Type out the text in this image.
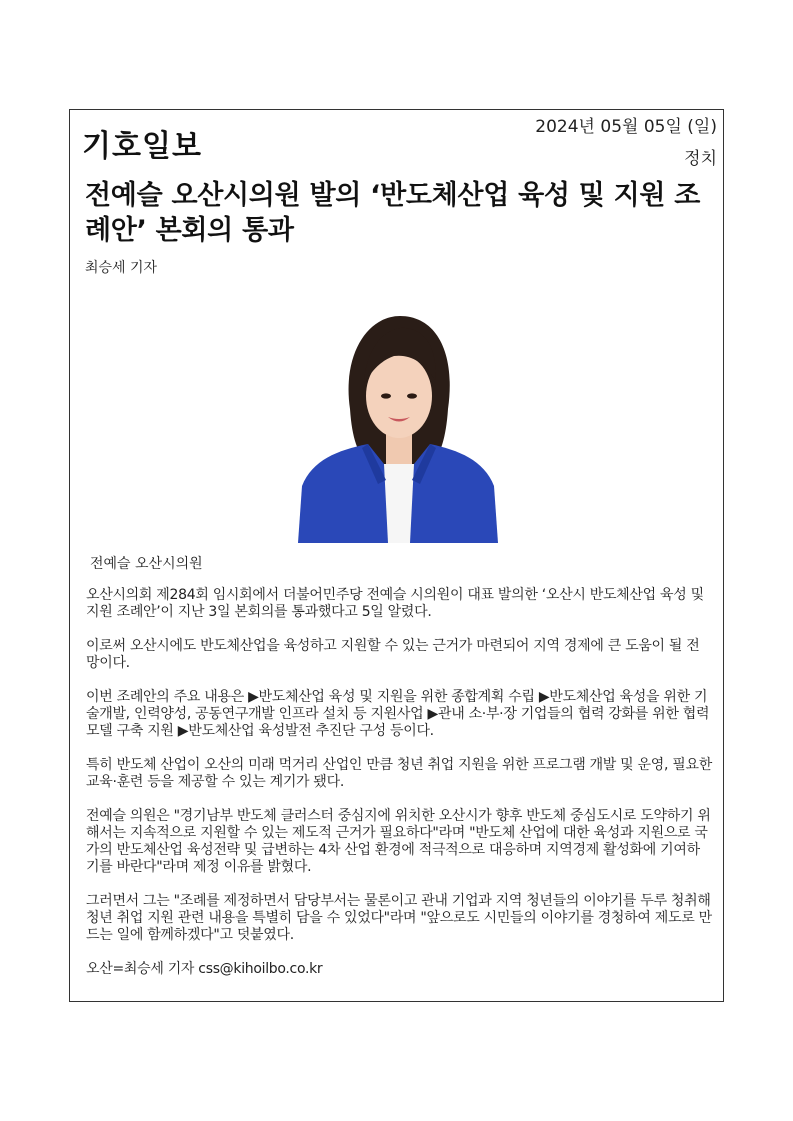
기호일보
2024년 05월 05일 (일)
정치
전예슬 오산시의원 발의 ‘반도체산업 육성 및 지원 조례안’ 본회의 통과
최승세 기자
전예슬 오산시의원

오산시의회 제284회 임시회에서 더불어민주당 전예슬 시의원이 대표 발의한 ‘오산시 반도체산업 육성 및 지원 조례안’이 지난 3일 본회의를 통과했다고 5일 알렸다.

이로써 오산시에도 반도체산업을 육성하고 지원할 수 있는 근거가 마련되어 지역 경제에 큰 도움이 될 전망이다.

이번 조례안의 주요 내용은 ▶반도체산업 육성 및 지원을 위한 종합계획 수립 ▶반도체산업 육성을 위한 기술개발, 인력양성, 공동연구개발 인프라 설치 등 지원사업 ▶관내 소·부·장 기업들의 협력 강화를 위한 협력모델 구축 지원 ▶반도체산업 육성발전 추진단 구성 등이다.

특히 반도체 산업이 오산의 미래 먹거리 산업인 만큼 청년 취업 지원을 위한 프로그램 개발 및 운영, 필요한 교육·훈련 등을 제공할 수 있는 계기가 됐다.

전예슬 의원은 "경기남부 반도체 클러스터 중심지에 위치한 오산시가 향후 반도체 중심도시로 도약하기 위해서는 지속적으로 지원할 수 있는 제도적 근거가 필요하다"라며 "반도체 산업에 대한 육성과 지원으로 국가의 반도체산업 육성전략 및 급변하는 4차 산업 환경에 적극적으로 대응하며 지역경제 활성화에 기여하기를 바란다"라며 제정 이유를 밝혔다.

그러면서 그는 "조례를 제정하면서 담당부서는 물론이고 관내 기업과 지역 청년들의 이야기를 두루 청취해 청년 취업 지원 관련 내용을 특별히 담을 수 있었다"라며 "앞으로도 시민들의 이야기를 경청하여 제도로 만드는 일에 함께하겠다"고 덧붙였다.

오산=최승세 기자 css@kihoilbo.co.kr
